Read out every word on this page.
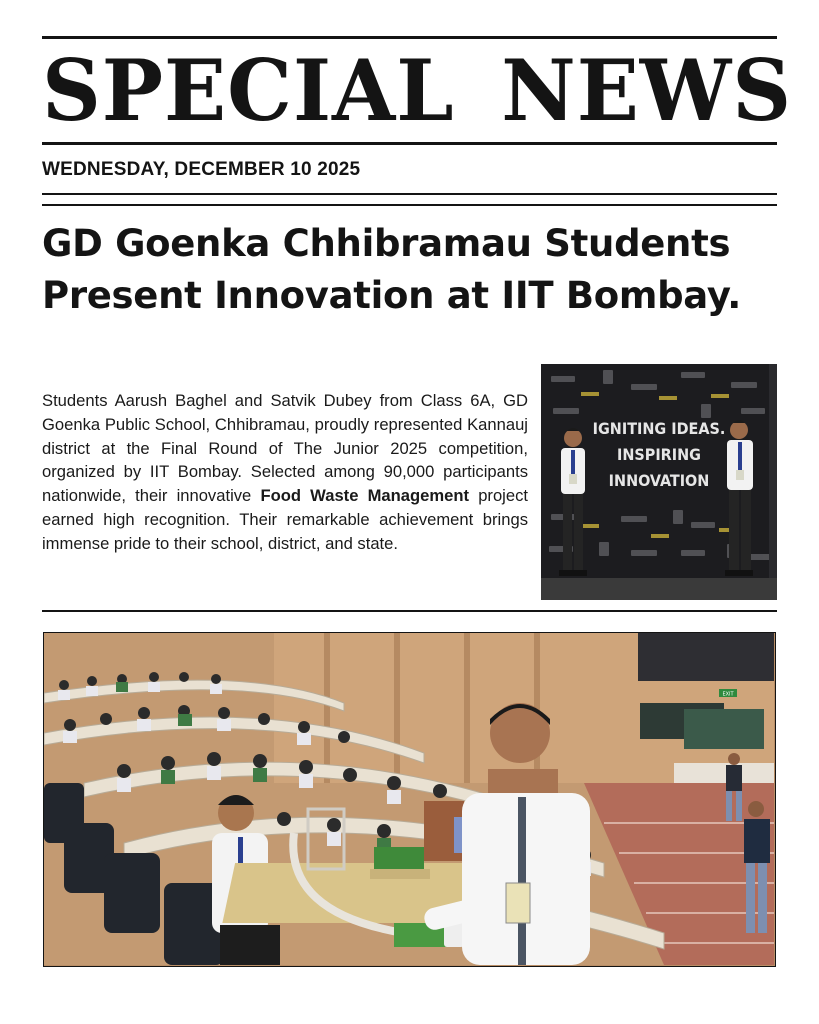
SPECIAL NEWS
WEDNESDAY, DECEMBER 10 2025
GD Goenka Chhibramau Students Present Innovation at IIT Bombay.

Students Aarush Baghel and Satvik Dubey from Class 6A, GD Goenka Public School, Chhibramau, proudly represented Kannauj district at the Final Round of The Junior 2025 competition, organized by IIT Bombay. Selected among 90,000 participants nationwide, their innovative Food Waste Management project earned high recognition. Their remarkable achievement brings immense pride to their school, district, and state.

IGNITING IDEAS.
INSPIRING
INNOVATION
EXIT
